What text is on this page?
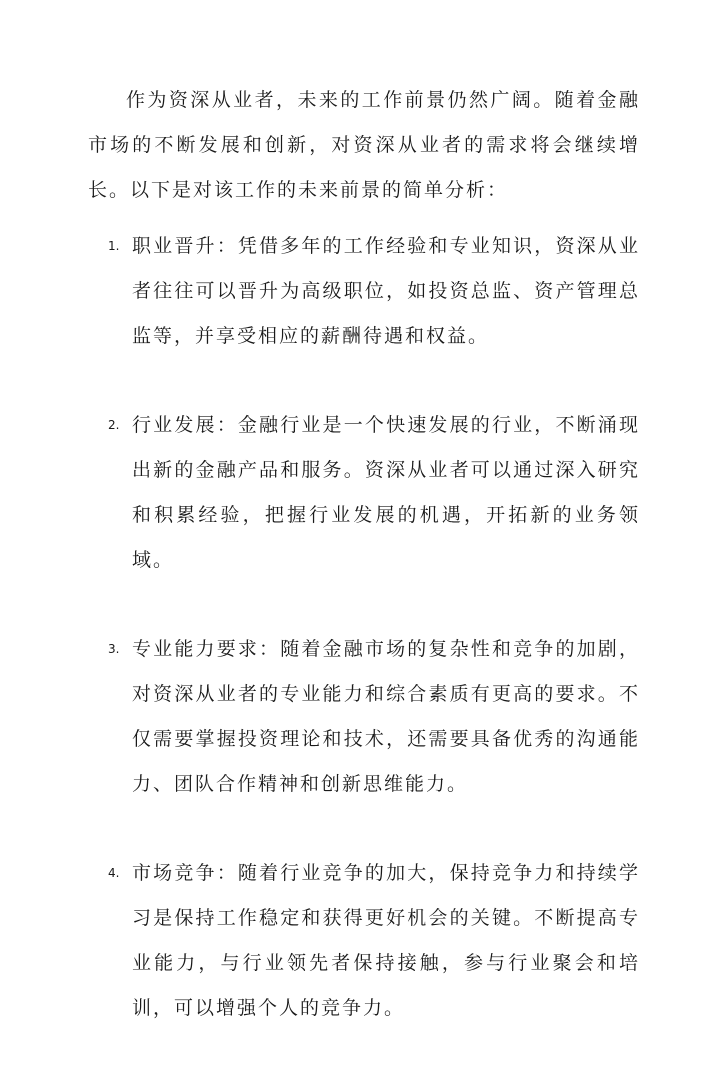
作为资深从业者，未来的工作前景仍然广阔。随着金融市场的不断发展和创新，对资深从业者的需求将会继续增长。以下是对该工作的未来前景的简单分析：

1. 职业晋升：凭借多年的工作经验和专业知识，资深从业者往往可以晋升为高级职位，如投资总监、资产管理总监等，并享受相应的薪酬待遇和权益。
2. 行业发展：金融行业是一个快速发展的行业，不断涌现出新的金融产品和服务。资深从业者可以通过深入研究和积累经验，把握行业发展的机遇，开拓新的业务领域。
3. 专业能力要求：随着金融市场的复杂性和竞争的加剧，对资深从业者的专业能力和综合素质有更高的要求。不仅需要掌握投资理论和技术，还需要具备优秀的沟通能力、团队合作精神和创新思维能力。
4. 市场竞争：随着行业竞争的加大，保持竞争力和持续学习是保持工作稳定和获得更好机会的关键。不断提高专业能力，与行业领先者保持接触，参与行业聚会和培训，可以增强个人的竞争力。
